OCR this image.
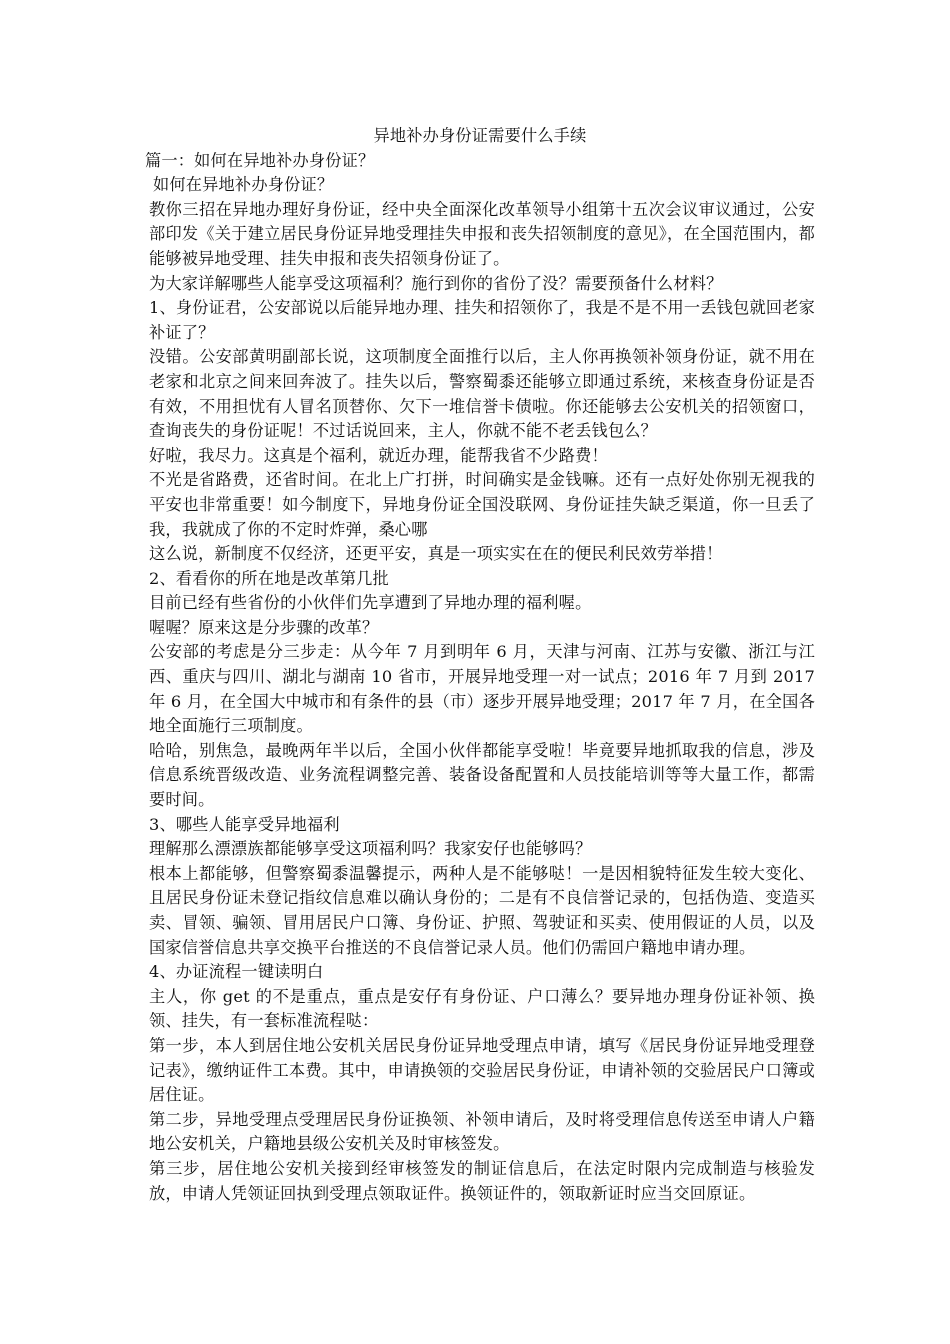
异地补办身份证需要什么手续

篇一：如何在异地补办身份证？

如何在异地补办身份证？

教你三招在异地办理好身份证，经中央全面深化改革领导小组第十五次会议审议通过，公安部印发《关于建立居民身份证异地受理挂失申报和丧失招领制度的意见》，在全国范围内，都能够被异地受理、挂失申报和丧失招领身份证了。

为大家详解哪些人能享受这项福利？施行到你的省份了没？需要预备什么材料？

1、身份证君，公安部说以后能异地办理、挂失和招领你了，我是不是不用一丢钱包就回老家补证了？

没错。公安部黄明副部长说，这项制度全面推行以后，主人你再换领补领身份证，就不用在老家和北京之间来回奔波了。挂失以后，警察蜀黍还能够立即通过系统，来核查身份证是否有效，不用担忧有人冒名顶替你、欠下一堆信誉卡债啦。你还能够去公安机关的招领窗口，查询丧失的身份证呢！不过话说回来，主人，你就不能不老丢钱包么？

好啦，我尽力。这真是个福利，就近办理，能帮我省不少路费！

不光是省路费，还省时间。在北上广打拼，时间确实是金钱嘛。还有一点好处你别无视我的平安也非常重要！如今制度下，异地身份证全国没联网、身份证挂失缺乏渠道，你一旦丢了我，我就成了你的不定时炸弹，桑心哪

这么说，新制度不仅经济，还更平安，真是一项实实在在的便民利民效劳举措！

2、看看你的所在地是改革第几批

目前已经有些省份的小伙伴们先享遭到了异地办理的福利喔。

喔喔？原来这是分步骤的改革？

公安部的考虑是分三步走：从今年 7 月到明年 6 月，天津与河南、江苏与安徽、浙江与江西、重庆与四川、湖北与湖南 10 省市，开展异地受理一对一试点；2016 年 7 月到 2017 年 6 月，在全国大中城市和有条件的县（市）逐步开展异地受理；2017 年 7 月，在全国各地全面施行三项制度。

哈哈，别焦急，最晚两年半以后，全国小伙伴都能享受啦！毕竟要异地抓取我的信息，涉及信息系统晋级改造、业务流程调整完善、装备设备配置和人员技能培训等等大量工作，都需要时间。

3、哪些人能享受异地福利

理解那么漂漂族都能够享受这项福利吗？我家安仔也能够吗？

根本上都能够，但警察蜀黍温馨提示，两种人是不能够哒！一是因相貌特征发生较大变化、且居民身份证未登记指纹信息难以确认身份的；二是有不良信誉记录的，包括伪造、变造买卖、冒领、骗领、冒用居民户口簿、身份证、护照、驾驶证和买卖、使用假证的人员，以及国家信誉信息共享交换平台推送的不良信誉记录人员。他们仍需回户籍地申请办理。

4、办证流程一键读明白

主人，你 get 的不是重点，重点是安仔有身份证、户口薄么？要异地办理身份证补领、换领、挂失，有一套标准流程哒：

第一步，本人到居住地公安机关居民身份证异地受理点申请，填写《居民身份证异地受理登记表》，缴纳证件工本费。其中，申请换领的交验居民身份证，申请补领的交验居民户口簿或居住证。

第二步，异地受理点受理居民身份证换领、补领申请后，及时将受理信息传送至申请人户籍地公安机关，户籍地县级公安机关及时审核签发。

第三步，居住地公安机关接到经审核签发的制证信息后，在法定时限内完成制造与核验发放，申请人凭领证回执到受理点领取证件。换领证件的，领取新证时应当交回原证。
